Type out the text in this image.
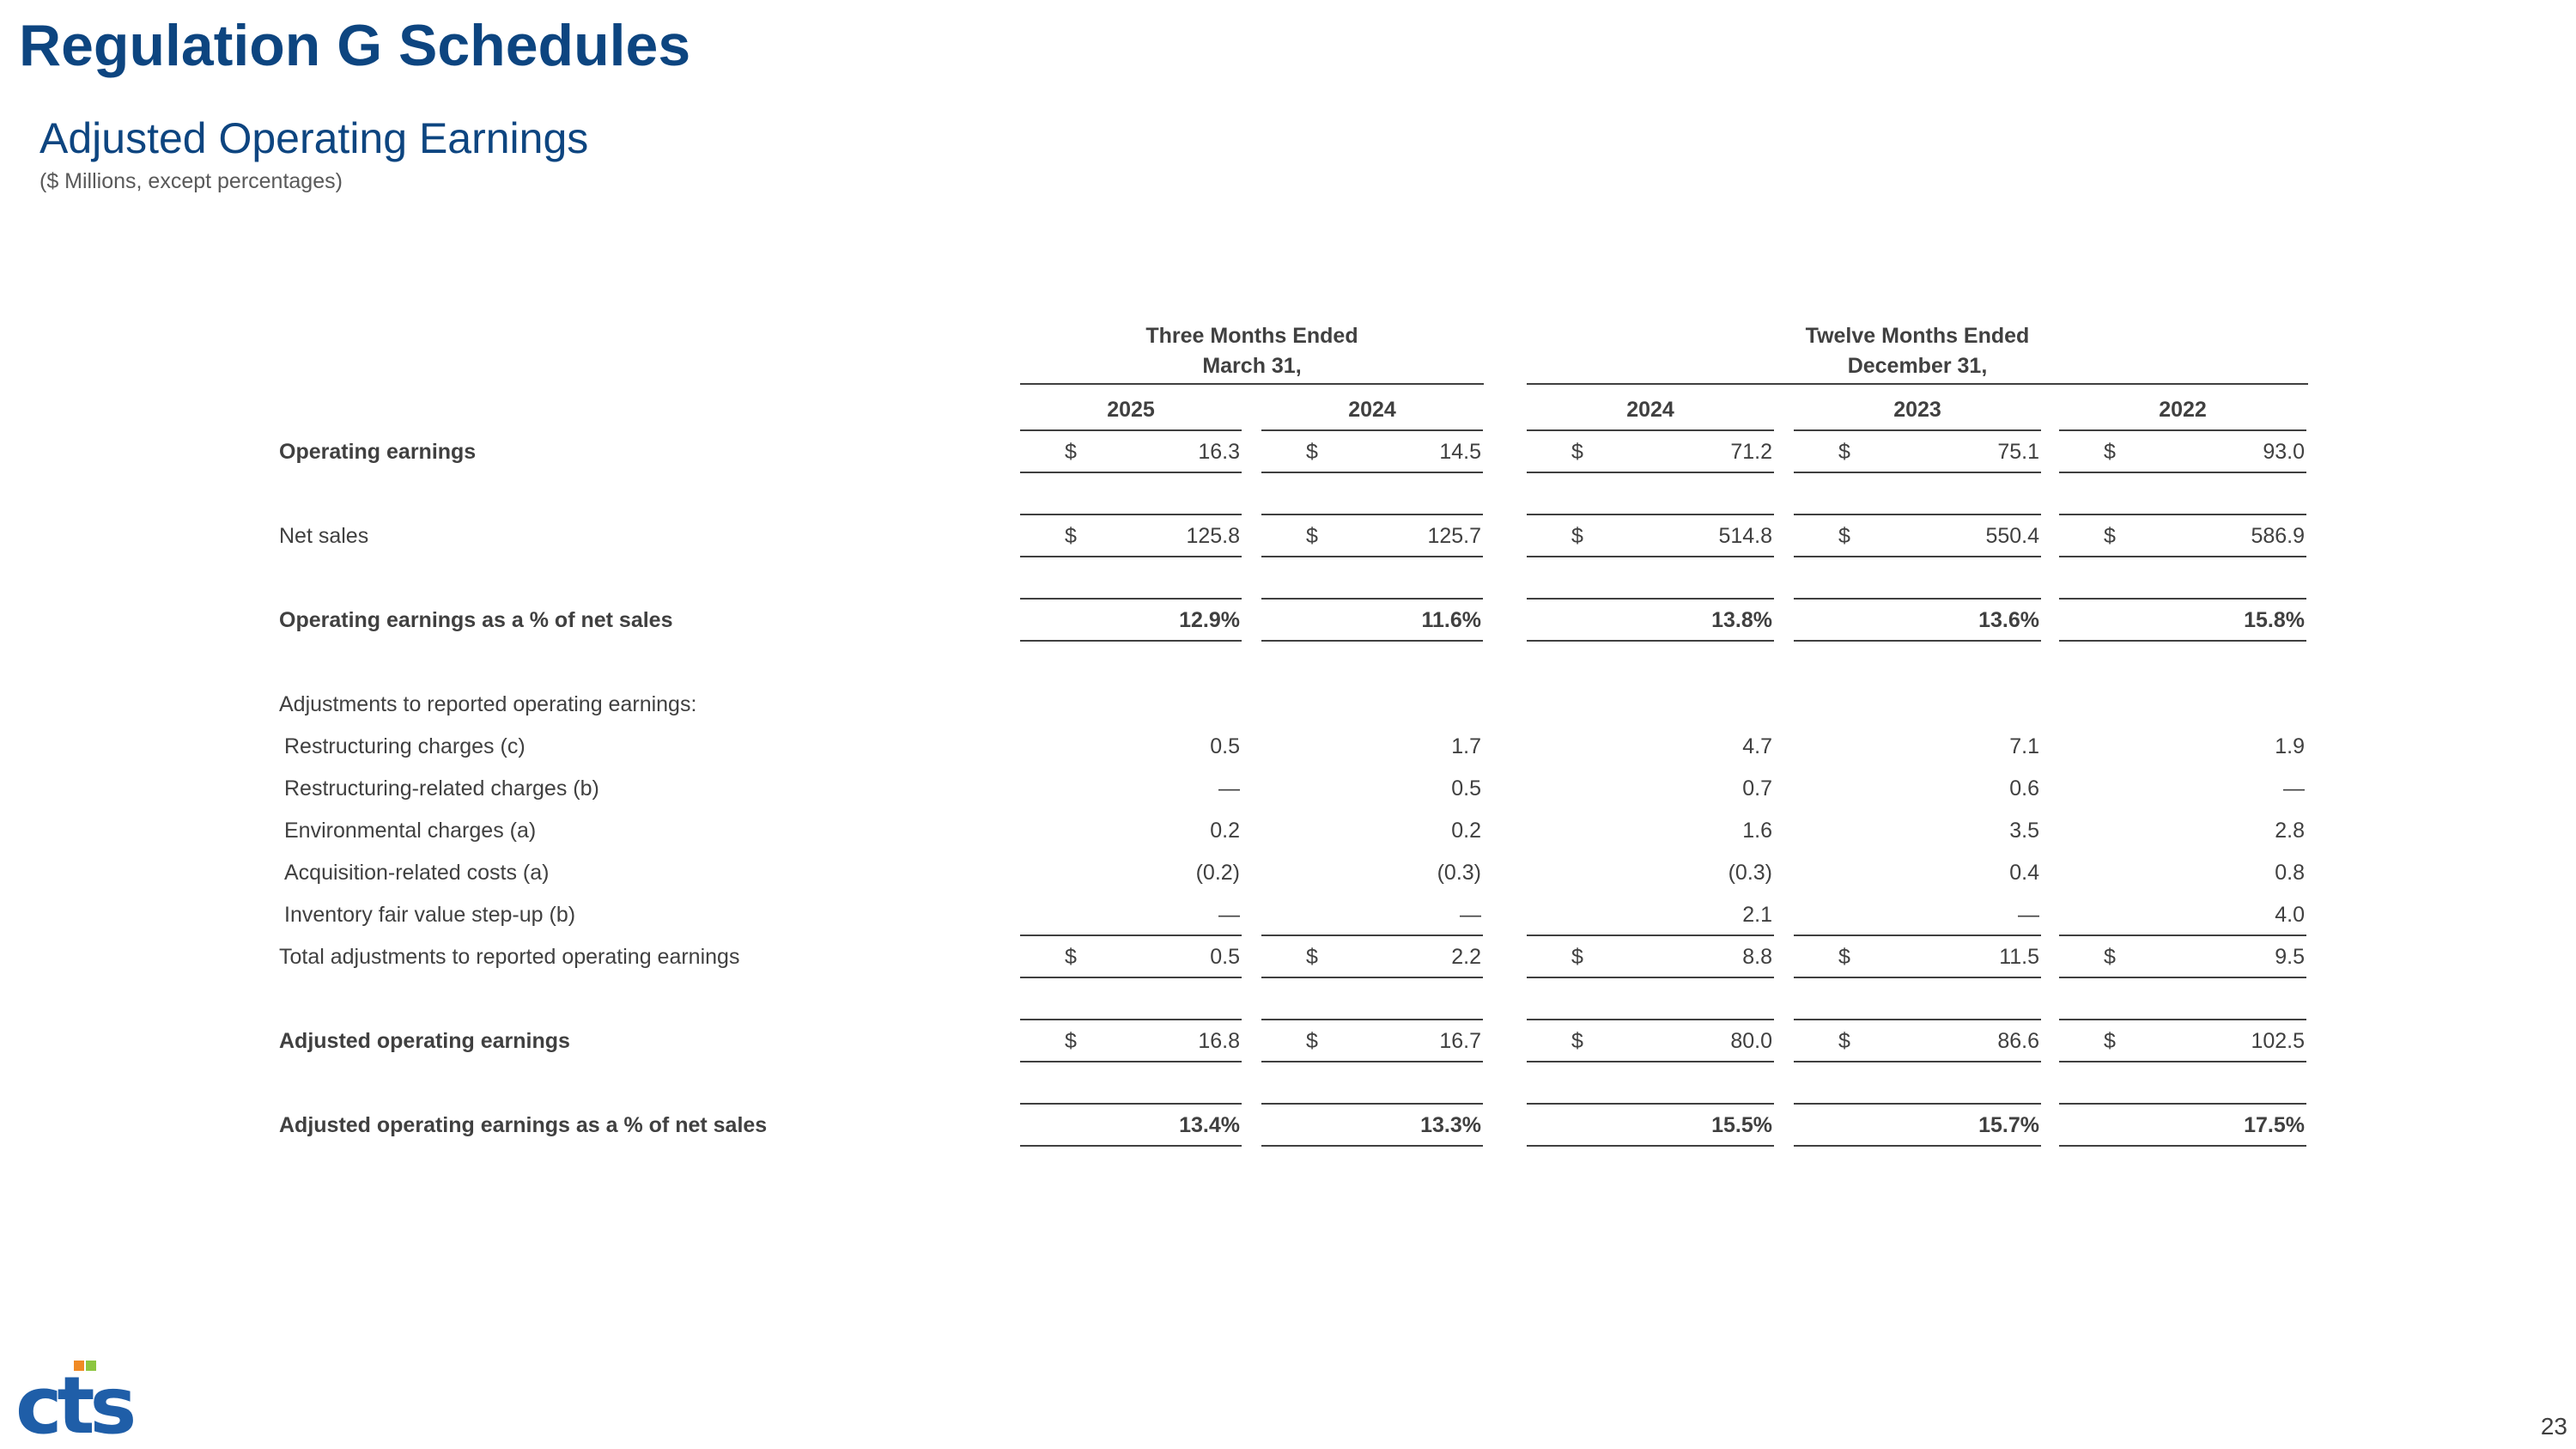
Regulation G Schedules
Adjusted Operating Earnings
($ Millions, except percentages)
Three Months Ended
March 31,
Twelve Months Ended
December 31,
2025	2024	2024	2023	2022
Operating earnings	$	16.3	$	14.5	$	71.2	$	75.1	$	93.0
Net sales	$	125.8	$	125.7	$	514.8	$	550.4	$	586.9
Operating earnings as a % of net sales	12.9%	11.6%	13.8%	13.6%	15.8%
Adjustments to reported operating earnings:
Restructuring charges (c)	0.5	1.7	4.7	7.1	1.9
Restructuring-related charges (b)	—	0.5	0.7	0.6	—
Environmental charges (a)	0.2	0.2	1.6	3.5	2.8
Acquisition-related costs (a)	(0.2)	(0.3)	(0.3)	0.4	0.8
Inventory fair value step-up (b)	—	—	2.1	—	4.0
Total adjustments to reported operating earnings	$	0.5	$	2.2	$	8.8	$	11.5	$	9.5
Adjusted operating earnings	$	16.8	$	16.7	$	80.0	$	86.6	$	102.5
Adjusted operating earnings as a % of net sales	13.4%	13.3%	15.5%	15.7%	17.5%
cts	23
